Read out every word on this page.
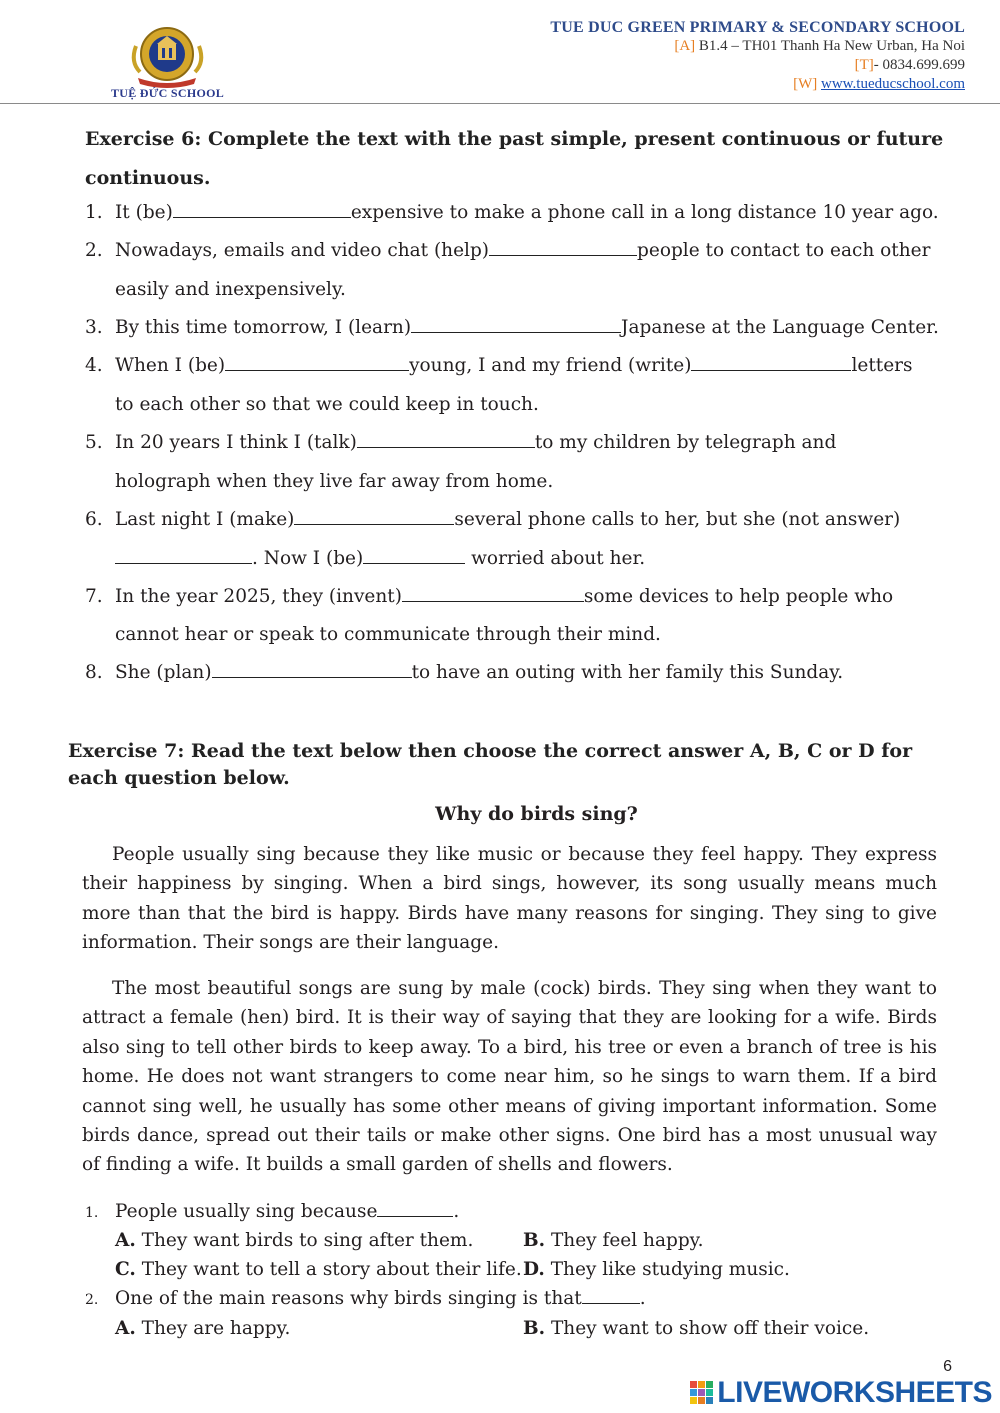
TUỆ ĐỨC SCHOOL
TUE DUC GREEN PRIMARY & SECONDARY SCHOOL
[A] B1.4 – TH01 Thanh Ha New Urban, Ha Noi
[T]- 0834.699.699
[W] www.tueducschool.com
Exercise 6: Complete the text with the past simple, present continuous or future continuous.
1. It (be)	expensive to make a phone call in a long distance 10 year ago.
2. Nowadays, emails and video chat (help)	people to contact to each other
easily and inexpensively.
3. By this time tomorrow, I (learn)	Japanese at the Language Center.
4. When I (be)	young, I and my friend (write)	letters
to each other so that we could keep in touch.
5. In 20 years I think I (talk)	to my children by telegraph and
holograph when they live far away from home.
6. Last night I (make)	several phone calls to her, but she (not answer)
. Now I (be)	worried about her.
7. In the year 2025, they (invent)	some devices to help people who
cannot hear or speak to communicate through their mind.
8. She (plan)	to have an outing with her family this Sunday.
Exercise 7: Read the text below then choose the correct answer A, B, C or D for each question below.
Why do birds sing?
People usually sing because they like music or because they feel happy. They express their happiness by singing. When a bird sings, however, its song usually means much more than that the bird is happy. Birds have many reasons for singing. They sing to give information. Their songs are their language.
The most beautiful songs are sung by male (cock) birds. They sing when they want to attract a female (hen) bird. It is their way of saying that they are looking for a wife. Birds also sing to tell other birds to keep away. To a bird, his tree or even a branch of tree is his home. He does not want strangers to come near him, so he sings to warn them. If a bird cannot sing well, he usually has some other means of giving important information. Some birds dance, spread out their tails or make other signs. One bird has a most unusual way of finding a wife. It builds a small garden of shells and flowers.
1. People usually sing because	.
A. They want birds to sing after them.	B. They feel happy.
C. They want to tell a story about their life. D. They like studying music.
2. One of the main reasons why birds singing is that	.
A. They are happy.	B. They want to show off their voice.
6
LIVEWORKSHEETS
